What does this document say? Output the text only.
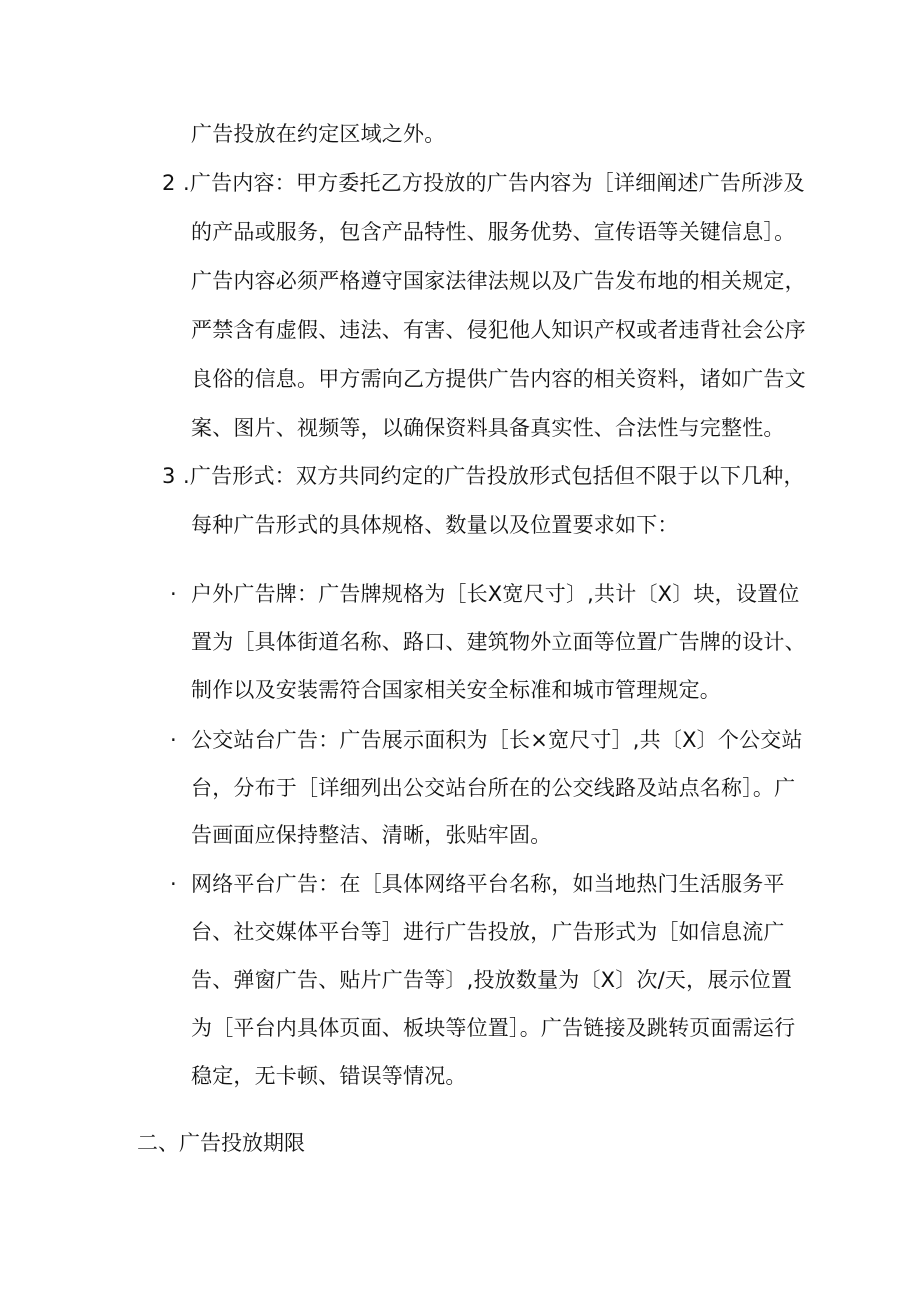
广告投放在约定区域之外。
2 .广告内容：甲方委托乙方投放的广告内容为［详细阐述广告所涉及
的产品或服务，包含产品特性、服务优势、宣传语等关键信息］。
广告内容必须严格遵守国家法律法规以及广告发布地的相关规定，
严禁含有虚假、违法、有害、侵犯他人知识产权或者违背社会公序
良俗的信息。甲方需向乙方提供广告内容的相关资料，诸如广告文
案、图片、视频等，以确保资料具备真实性、合法性与完整性。
3 .广告形式：双方共同约定的广告投放形式包括但不限于以下几种，
每种广告形式的具体规格、数量以及位置要求如下：
· 户外广告牌：广告牌规格为［长X宽尺寸〕,共计〔X〕块，设置位
置为［具体街道名称、路口、建筑物外立面等位置广告牌的设计、
制作以及安装需符合国家相关安全标准和城市管理规定。
· 公交站台广告：广告展示面积为［长×宽尺寸］,共〔X〕个公交站
台，分布于［详细列出公交站台所在的公交线路及站点名称］。广
告画面应保持整洁、清晰，张贴牢固。
· 网络平台广告：在［具体网络平台名称，如当地热门生活服务平
台、社交媒体平台等］进行广告投放，广告形式为［如信息流广
告、弹窗广告、贴片广告等〕,投放数量为〔X〕次/天，展示位置
为［平台内具体页面、板块等位置］。广告链接及跳转页面需运行
稳定，无卡顿、错误等情况。
二、广告投放期限
